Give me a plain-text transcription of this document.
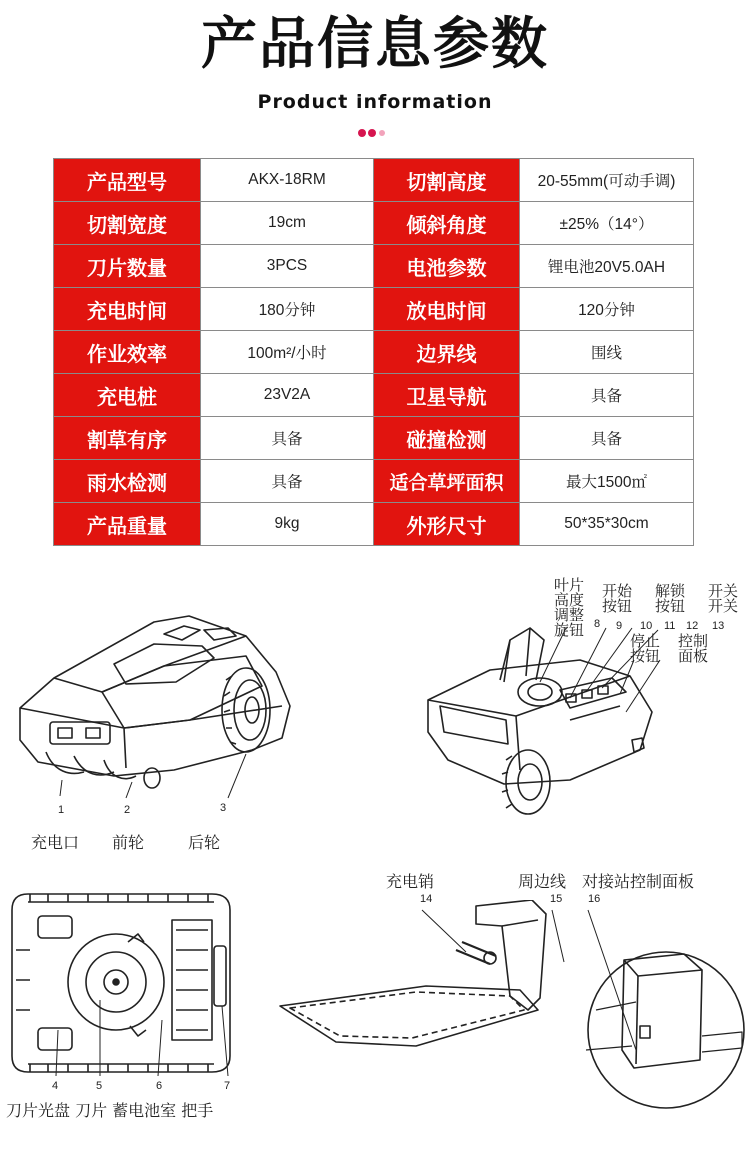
产品信息参数
Product information
产品型号	AKX-18RM	切割高度	20-55mm(可动手调)
切割宽度	19cm	倾斜角度	±25%（14°）
刀片数量	3PCS	电池参数	锂电池20V5.0AH
充电时间	180分钟	放电时间	120分钟
作业效率	100m²/小时	边界线	围线
充电桩	23V2A	卫星导航	具备
割草有序	具备	碰撞检测	具备
雨水检测	具备	适合草坪面积	最大1500㎡
产品重量	9kg	外形尺寸	50*35*30cm
1	2	3
充电口 前轮	后轮
叶片
高度
调整
旋钮
开始
按钮
解锁
按钮
开关
开关
停止
按钮
控制
面板
8 9 10 11 12 13
4	5	6	7
刀片光盘 刀片 蓄电池室 把手
充电销	周边线 对接站控制面板
14	15 16
